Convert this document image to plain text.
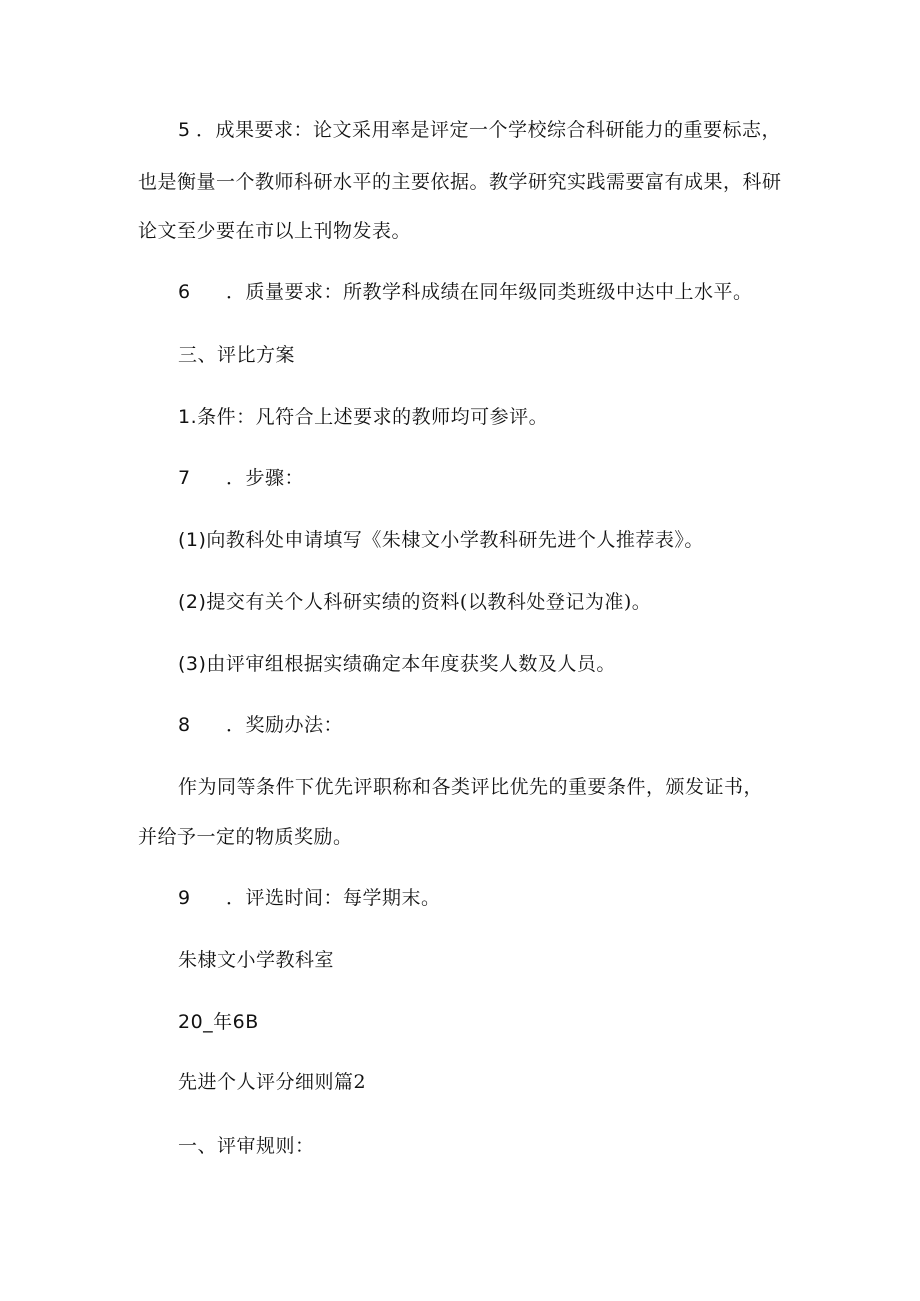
5 ．成果要求：论文采用率是评定一个学校综合科研能力的重要标志，
也是衡量一个教师科研水平的主要依据。教学研究实践需要富有成果，科研
论文至少要在市以上刊物发表。
6 ．质量要求：所教学科成绩在同年级同类班级中达中上水平。
三、评比方案
1.条件：凡符合上述要求的教师均可参评。
7 ．步骤：
(1)向教科处申请填写《朱棣文小学教科研先进个人推荐表》。
(2)提交有关个人科研实绩的资料(以教科处登记为准)。
(3)由评审组根据实绩确定本年度获奖人数及人员。
8 ．奖励办法：
作为同等条件下优先评职称和各类评比优先的重要条件，颁发证书，
并给予一定的物质奖励。
9 ．评选时间：每学期末。
朱棣文小学教科室
20_年6B
先进个人评分细则篇2
一、评审规则：
